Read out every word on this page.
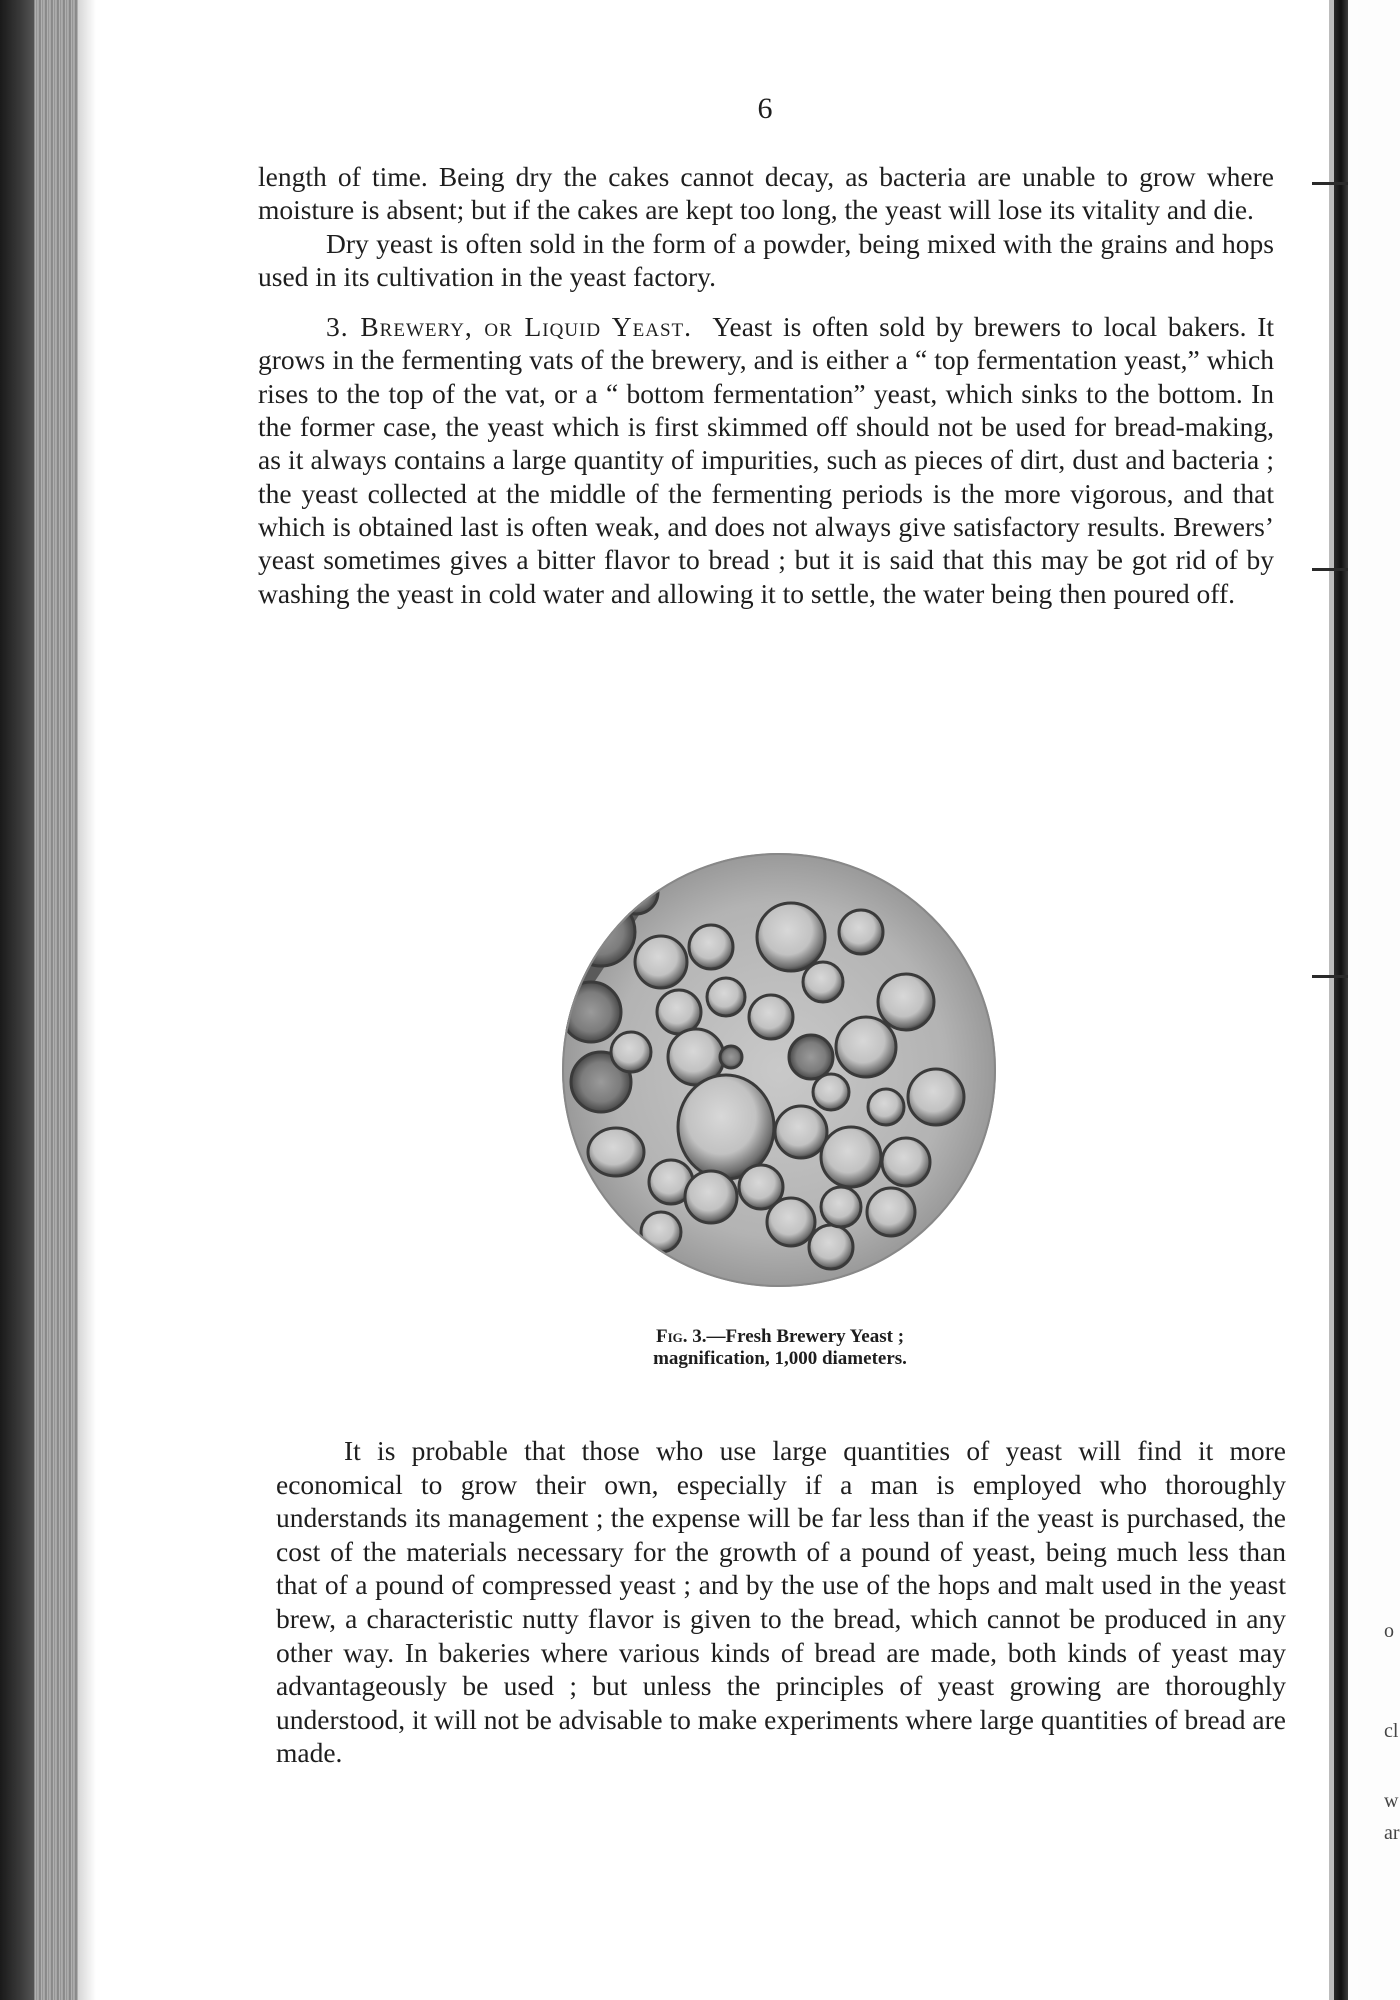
o
cl
w
ar
6

length of time. Being dry the cakes cannot decay, as bacteria are unable to grow where moisture is absent; but if the cakes are kept too long, the yeast will lose its vitality and die.

Dry yeast is often sold in the form of a powder, being mixed with the grains and hops used in its cultivation in the yeast factory.

3. Brewery, or Liquid Yeast. Yeast is often sold by brewers to local bakers. It grows in the fermenting vats of the brewery, and is either a “ top fermentation yeast,” which rises to the top of the vat, or a “ bottom fermentation” yeast, which sinks to the bottom. In the former case, the yeast which is first skimmed off should not be used for bread-making, as it always contains a large quantity of impurities, such as pieces of dirt, dust and bacteria ; the yeast collected at the middle of the fermenting periods is the more vigorous, and that which is obtained last is often weak, and does not always give satisfactory results. Brewers’ yeast sometimes gives a bitter flavor to bread ; but it is said that this may be got rid of by washing the yeast in cold water and allowing it to settle, the water being then poured off.

Fig. 3.—Fresh Brewery Yeast ;
magnification, 1,000 diameters.

It is probable that those who use large quantities of yeast will find it more economical to grow their own, especially if a man is employed who thoroughly understands its management ; the expense will be far less than if the yeast is purchased, the cost of the materials necessary for the growth of a pound of yeast, being much less than that of a pound of compressed yeast ; and by the use of the hops and malt used in the yeast brew, a characteristic nutty flavor is given to the bread, which cannot be produced in any other way. In bakeries where various kinds of bread are made, both kinds of yeast may advantageously be used ; but unless the principles of yeast growing are thoroughly understood, it will not be advisable to make experiments where large quantities of bread are made.
